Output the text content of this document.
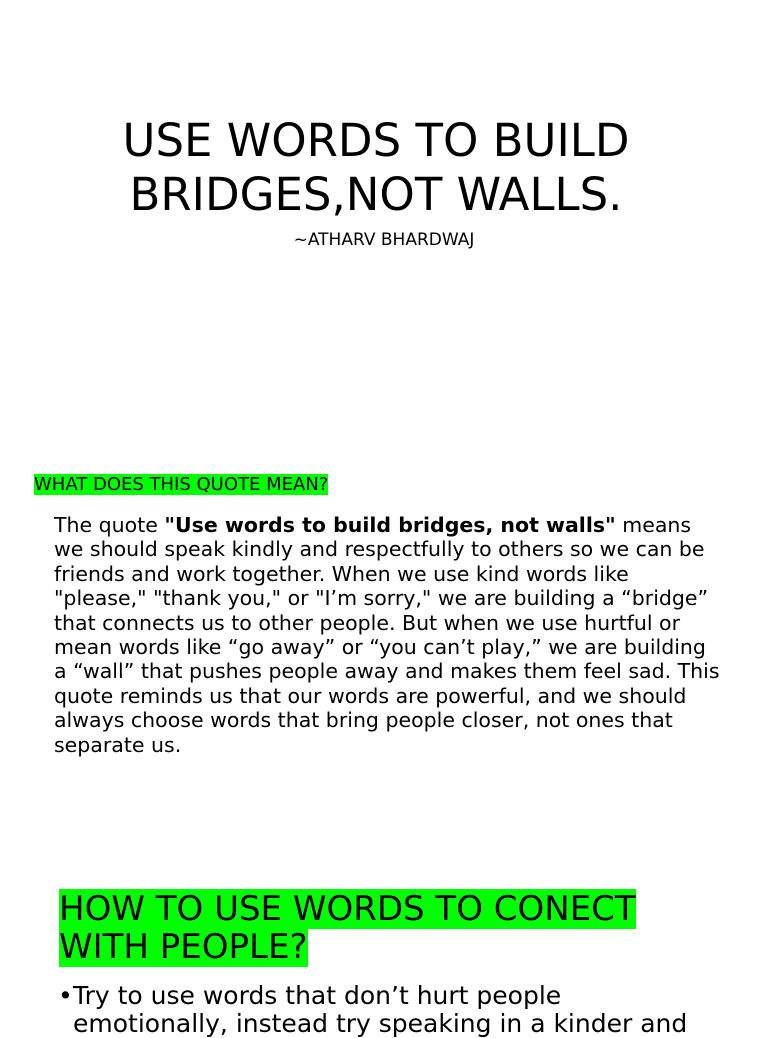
USE WORDS TO BUILD
BRIDGES,NOT WALLS.
~ATHARV BHARDWAJ
WHAT DOES THIS QUOTE MEAN?

The quote "Use words to build bridges, not walls" means we should speak kindly and respectfully to others so we can be friends and work together. When we use kind words like "please," "thank you," or "I’m sorry," we are building a “bridge” that connects us to other people. But when we use hurtful or mean words like “go away” or “you can’t play,” we are building a “wall” that pushes people away and makes them feel sad. This quote reminds us that our words are powerful, and we should always choose words that bring people closer, not ones that separate us.

HOW TO USE WORDS TO CONECT WITH PEOPLE?
• Try to use words that don’t hurt people emotionally, instead try speaking in a kinder and
